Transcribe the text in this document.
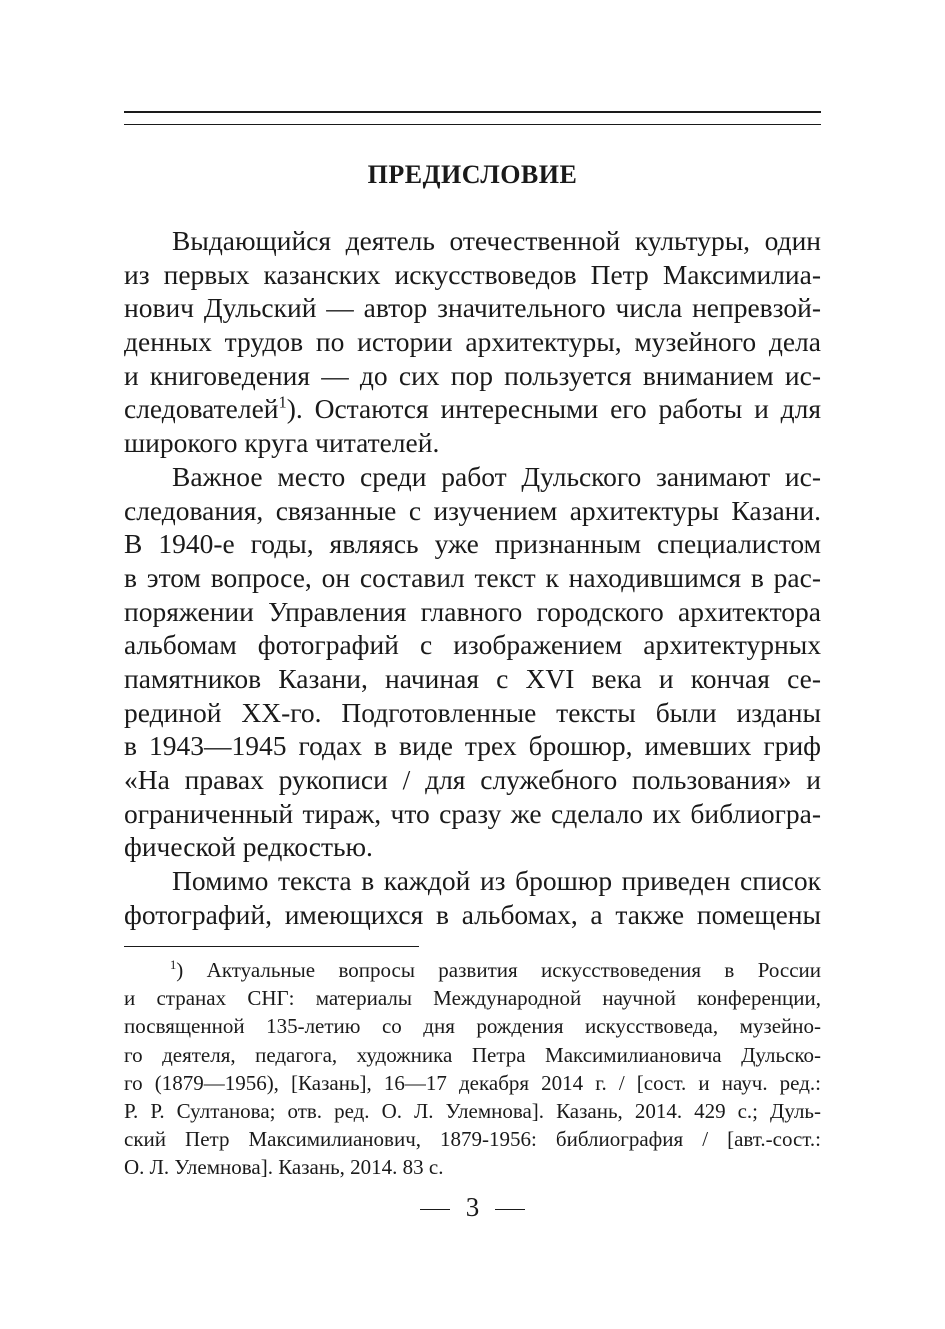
ПРЕДИСЛОВИЕ

Выдающийся деятель отечественной культуры, один
из первых казанских искусствоведов Петр Максимилиа-
нович Дульский — автор значительного числа непревзой-
денных трудов по истории архитектуры, музейного дела
и книговедения — до сих пор пользуется вниманием ис-
следователей$^1$). Остаются интересными его работы и для
широкого круга читателей.

Важное место среди работ Дульского занимают ис-
следования, связанные с изучением архитектуры Казани.
В 1940-е годы, являясь уже признанным специалистом
в этом вопросе, он составил текст к находившимся в рас-
поряжении Управления главного городского архитектора
альбомам фотографий с изображением архитектурных
памятников Казани, начиная с XVI века и кончая се-
рединой XX-го. Подготовленные тексты были изданы
в 1943—1945 годах в виде трех брошюр, имевших гриф
«На правах рукописи / для служебного пользования» и
ограниченный тираж, что сразу же сделало их библиогра-
фической редкостью.

Помимо текста в каждой из брошюр приведен список
фотографий, имеющихся в альбомах, а также помещены

$^1$) Актуальные вопросы развития искусствоведения в России
и странах СНГ: материалы Международной научной конференции,
посвященной 135-летию со дня рождения искусствоведа, музейно-
го деятеля, педагога, художника Петра Максимилиановича Дульско-
го (1879—1956), [Казань], 16—17 декабря 2014 г. / [сост. и науч. ред.:
Р. Р. Султанова; отв. ред. О. Л. Улемнова]. Казань, 2014. 429 с.; Дуль-
ский Петр Максимилианович, 1879-1956: библиография / [авт.-сост.:
О. Л. Улемнова]. Казань, 2014. 83 с.
3
